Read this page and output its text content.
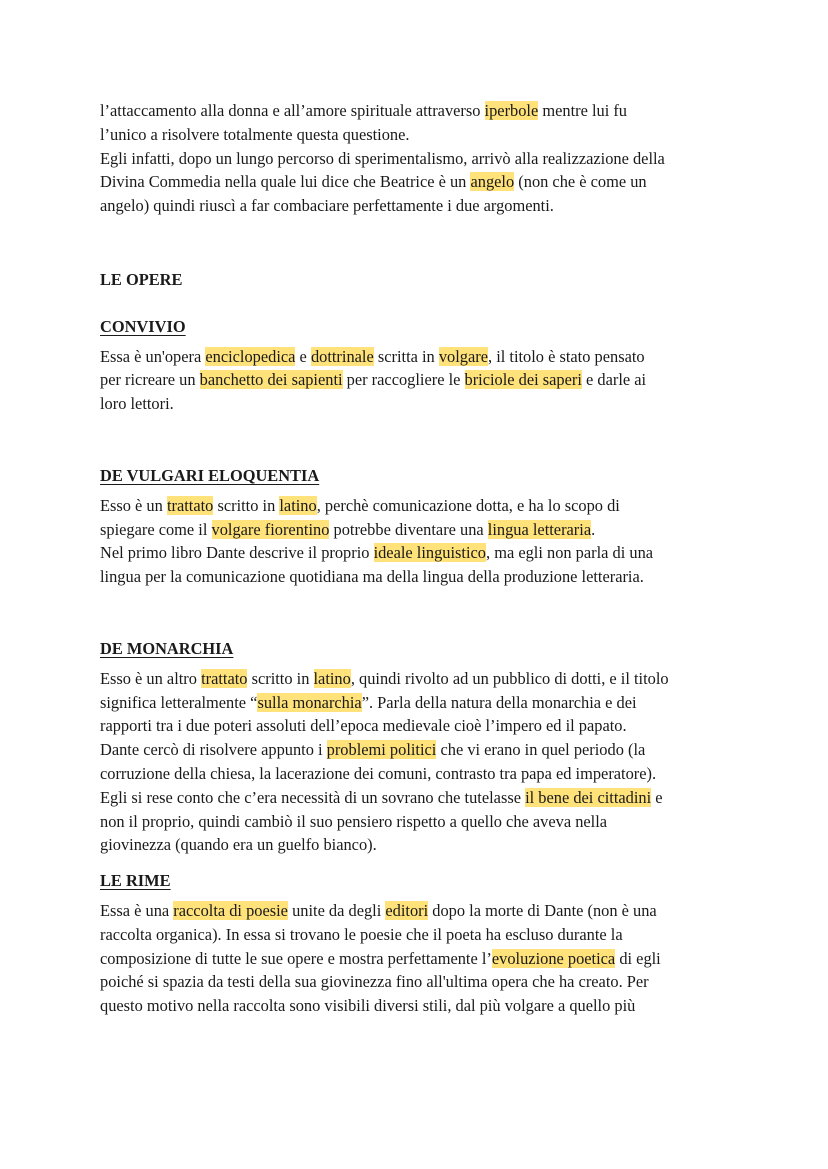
l’attaccamento alla donna e all’amore spirituale attraverso iperbole mentre lui fu
l’unico a risolvere totalmente questa questione.
Egli infatti, dopo un lungo percorso di sperimentalismo, arrivò alla realizzazione della
Divina Commedia nella quale lui dice che Beatrice è un angelo (non che è come un
angelo) quindi riuscì a far combaciare perfettamente i due argomenti.

LE OPERE
CONVIVIO

Essa è un'opera enciclopedica e dottrinale scritta in volgare, il titolo è stato pensato
per ricreare un banchetto dei sapienti per raccogliere le briciole dei saperi e darle ai
loro lettori.

DE VULGARI ELOQUENTIA

Esso è un trattato scritto in latino, perchè comunicazione dotta, e ha lo scopo di
spiegare come il volgare fiorentino potrebbe diventare una lingua letteraria.
Nel primo libro Dante descrive il proprio ideale linguistico, ma egli non parla di una
lingua per la comunicazione quotidiana ma della lingua della produzione letteraria.

DE MONARCHIA

Esso è un altro trattato scritto in latino, quindi rivolto ad un pubblico di dotti, e il titolo
significa letteralmente “sulla monarchia”. Parla della natura della monarchia e dei
rapporti tra i due poteri assoluti dell’epoca medievale cioè l’impero ed il papato.
Dante cercò di risolvere appunto i problemi politici che vi erano in quel periodo (la
corruzione della chiesa, la lacerazione dei comuni, contrasto tra papa ed imperatore).
Egli si rese conto che c’era necessità di un sovrano che tutelasse il bene dei cittadini e
non il proprio, quindi cambiò il suo pensiero rispetto a quello che aveva nella
giovinezza (quando era un guelfo bianco).

LE RIME

Essa è una raccolta di poesie unite da degli editori dopo la morte di Dante (non è una
raccolta organica). In essa si trovano le poesie che il poeta ha escluso durante la
composizione di tutte le sue opere e mostra perfettamente l’evoluzione poetica di egli
poiché si spazia da testi della sua giovinezza fino all'ultima opera che ha creato. Per
questo motivo nella raccolta sono visibili diversi stili, dal più volgare a quello più
